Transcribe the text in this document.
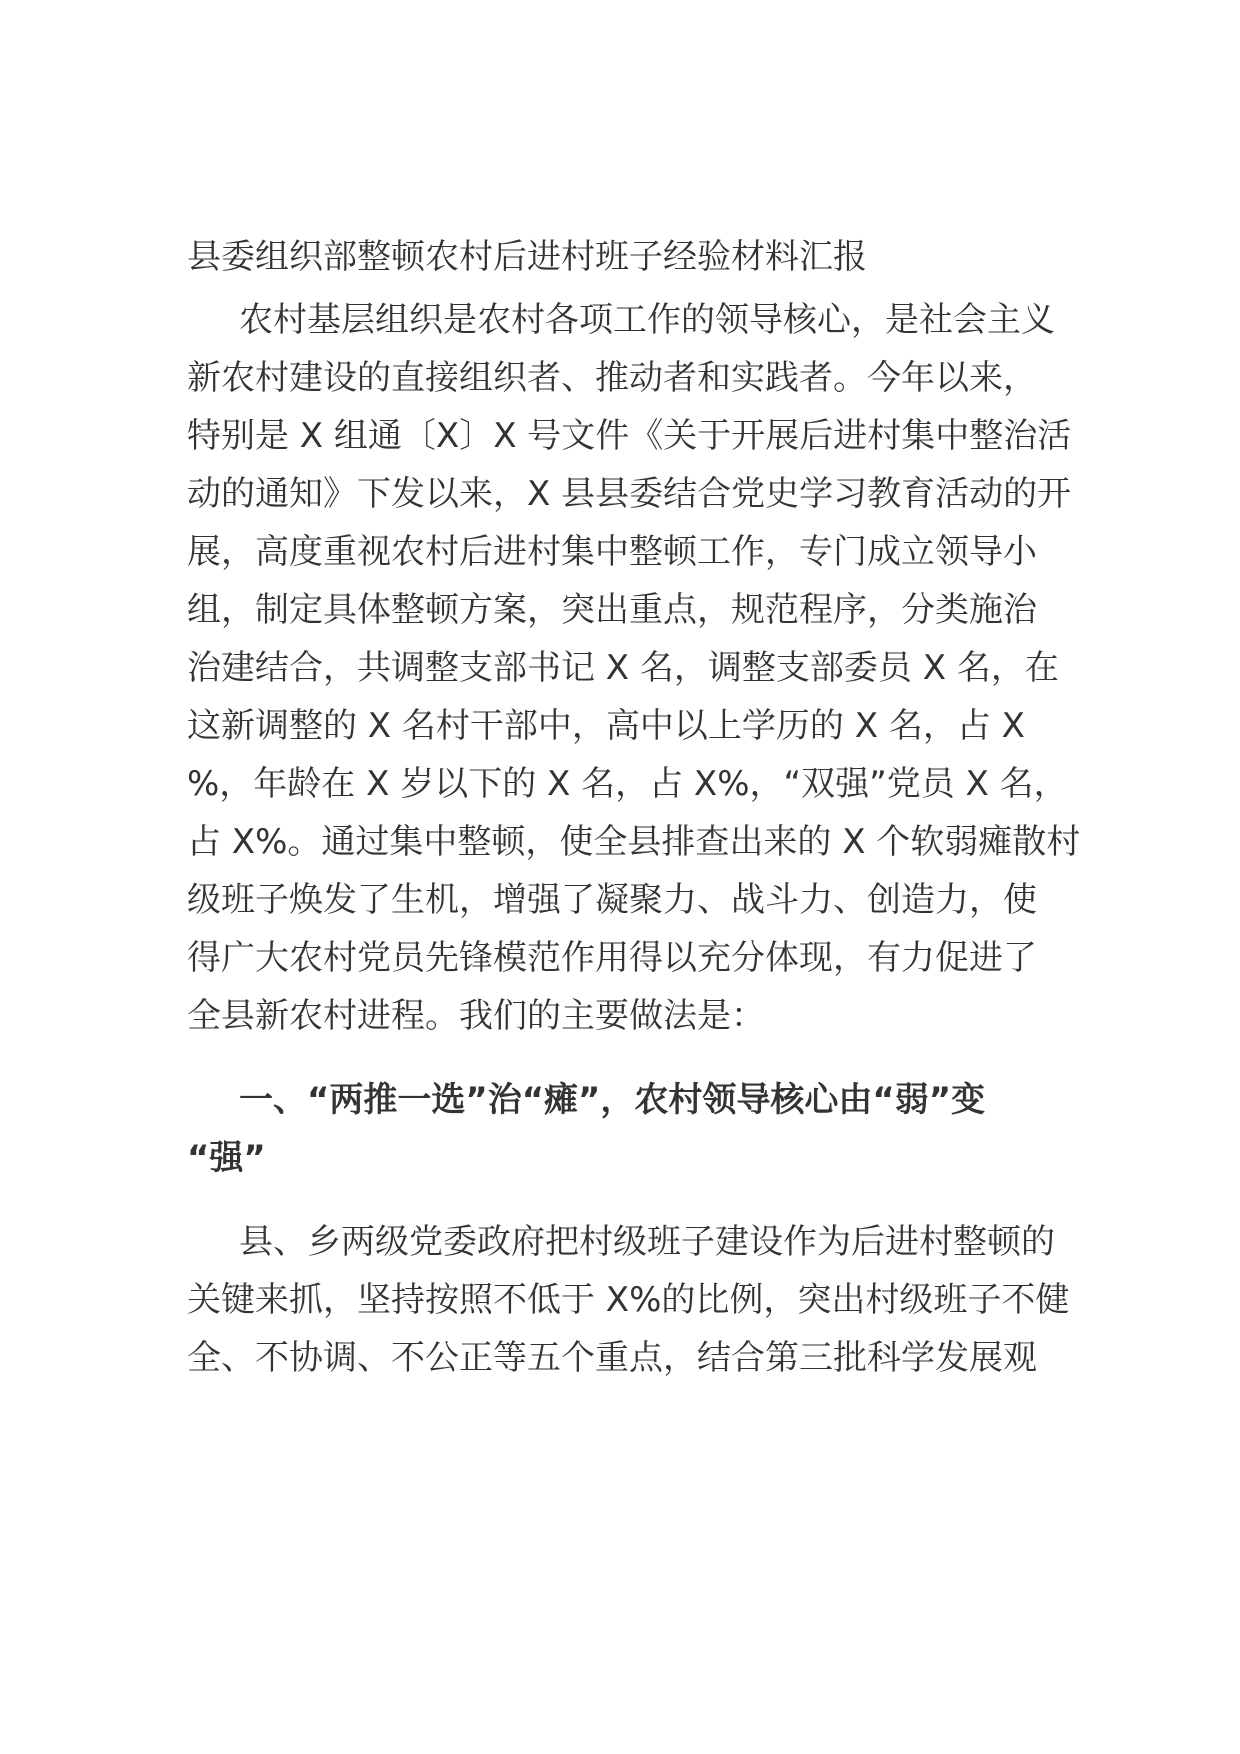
县委组织部整顿农村后进村班子经验材料汇报
农村基层组织是农村各项工作的领导核心，是社会主义
新农村建设的直接组织者、推动者和实践者。今年以来，
特别是 X 组通〔X〕X 号文件《关于开展后进村集中整治活
动的通知》下发以来，X 县县委结合党史学习教育活动的开
展，高度重视农村后进村集中整顿工作，专门成立领导小
组，制定具体整顿方案，突出重点，规范程序，分类施治
治建结合，共调整支部书记 X 名，调整支部委员 X 名，在
这新调整的 X 名村干部中，高中以上学历的 X 名，占 X
%，年龄在 X 岁以下的 X 名，占 X%，“双强”党员 X 名，
占 X%。通过集中整顿，使全县排查出来的 X 个软弱瘫散村
级班子焕发了生机，增强了凝聚力、战斗力、创造力，使
得广大农村党员先锋模范作用得以充分体现，有力促进了
全县新农村进程。我们的主要做法是：
一、“两推一选”治“瘫”，农村领导核心由“弱”变
“强”
县、乡两级党委政府把村级班子建设作为后进村整顿的
关键来抓，坚持按照不低于 X%的比例，突出村级班子不健
全、不协调、不公正等五个重点，结合第三批科学发展观
